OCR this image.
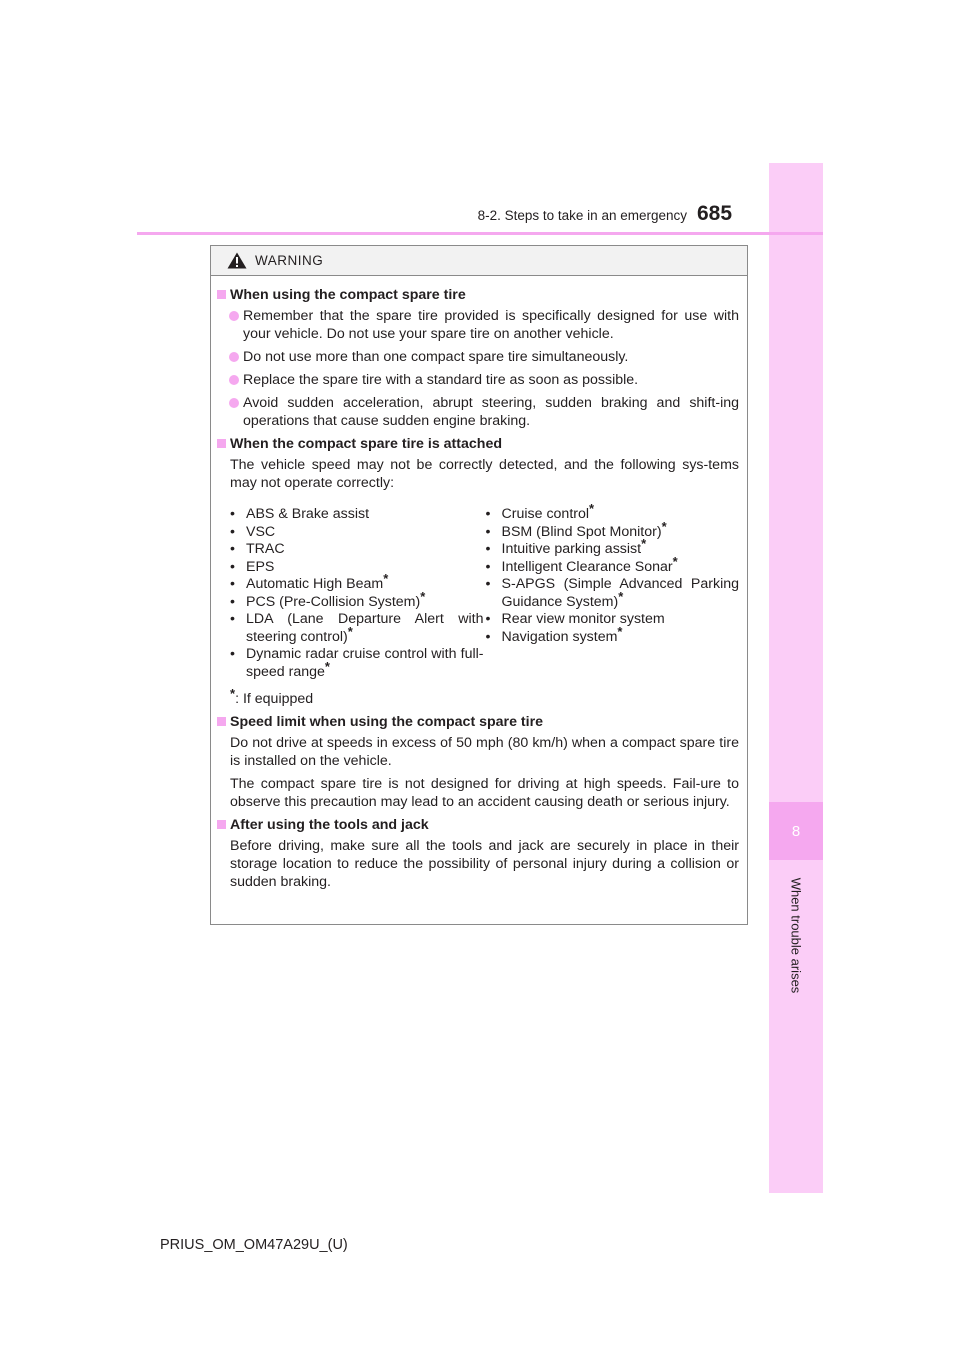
8
When trouble arises
8-2. Steps to take in an emergency 685
WARNING
When using the compact spare tire
Remember that the spare tire provided is specifically designed for use with your vehicle. Do not use your spare tire on another vehicle.
Do not use more than one compact spare tire simultaneously.
Replace the spare tire with a standard tire as soon as possible.
Avoid sudden acceleration, abrupt steering, sudden braking and shift-ing operations that cause sudden engine braking.
When the compact spare tire is attached
The vehicle speed may not be correctly detected, and the following sys-tems may not operate correctly:
• ABS & Brake assist
• VSC
• TRAC
• EPS
• Automatic High Beam*
• PCS (Pre-Collision System)*
• LDA (Lane Departure Alert with steering control)*
• Dynamic radar cruise control with full-speed range*
• Cruise control*
• BSM (Blind Spot Monitor)*
• Intuitive parking assist*
• Intelligent Clearance Sonar*
• S-APGS (Simple Advanced Parking Guidance System)*
• Rear view monitor system
• Navigation system*
*: If equipped
Speed limit when using the compact spare tire
Do not drive at speeds in excess of 50 mph (80 km/h) when a compact spare tire is installed on the vehicle.
The compact spare tire is not designed for driving at high speeds. Fail-ure to observe this precaution may lead to an accident causing death or serious injury.
After using the tools and jack
Before driving, make sure all the tools and jack are securely in place in their storage location to reduce the possibility of personal injury during a collision or sudden braking.
PRIUS_OM_OM47A29U_(U)
